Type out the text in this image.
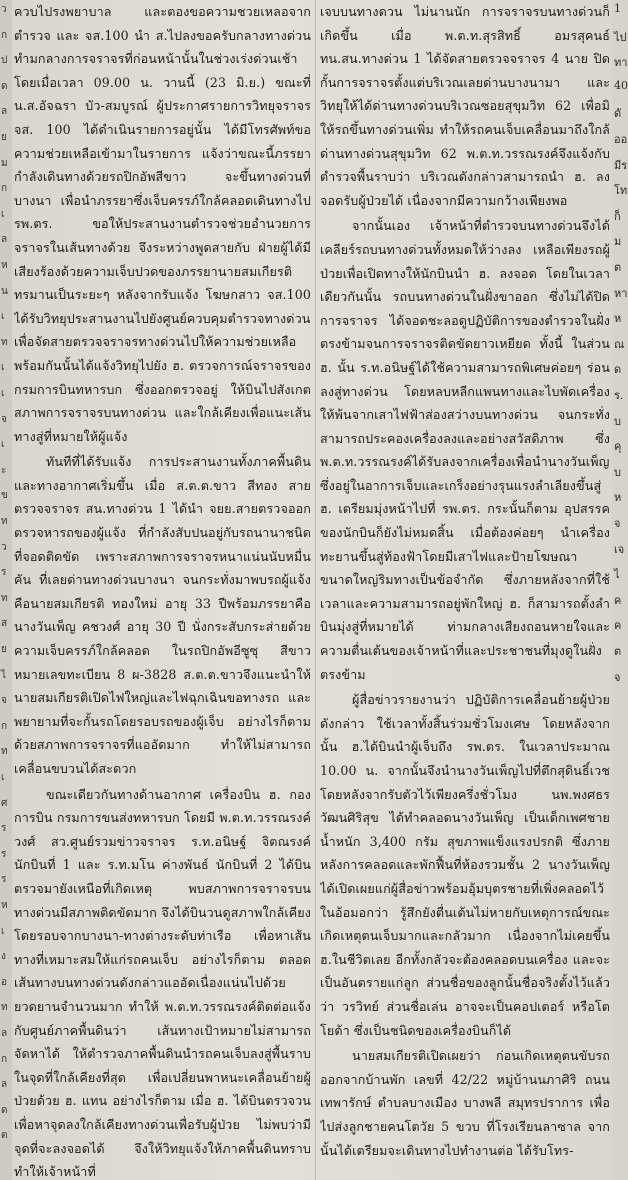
ว
ก
ป
ด
ล
ย
ม
ก
เ
ล
ห
น
เ
ท
เ
เ
จ
เ
ะ
ข
ท
ว
ร
ท
ส
ย
ไ
จ
ก
ท
เ
ศ
ร
ร
ร
ห
เ
ง
อ
ท
ล
ก
ล
ด
ต

ควบไปรงพยาบาล และตองขอความชวยเหลอจาก ตำรวจ และ จส.100 นำ ส.ไปลงขอครับกลางทางด่วน ทำมกลางการจราจรที่ก่อนหน้านั้นในช่วงเร่งด่วนเช้า โดยเมื่อเวลา 09.00 น. วานนี้ (23 มิ.ย.) ขณะที่ น.ส.อัจฉรา บัว-สมบูรณ์ ผู้ประกาศรายการวิทยุจราจร จส. 100 ได้ดำเนินรายการอยู่นั้น ได้มีโทรศัพท์ขอความช่วยเหลือเข้ามาในรายการ แจ้งว่าขณะนี้ภรรยากำลังเดินทางด้วยรถปิกอัพสีขาว จะขึ้นทางด่วนที่บางนา เพื่อนำภรรยาซึ่งเจ็บครรภ์ใกล้คลอดเดินทางไป รพ.ตร. ขอให้ประสานงานตำรวจช่วยอำนวยการจราจรในเส้นทางด้วย จึงระหว่างพูดสายกับ ฝ่ายผู้ได้มีเสียงร้องด้วยความเจ็บปวดของภรรยานายสมเกียรติทรมานเป็นระยะๆ หลังจากรับแจ้ง โฆษกสาว จส.100 ได้รับวิทยุประสานงานไปยังศูนย์ควบคุมตำรวจทางด่วน เพื่อจัดสายตรวจจราจรทางด่วนไปให้ความช่วยเหลือพร้อมกันนั้นได้แจ้งวิทยุไปยัง ฮ. ตรวจการณ์จราจรของกรมการบินทหารบก ซึ่งออกตรวจอยู่ ให้บินไปสังเกตสภาพการจราจรบนทางด่วน และใกล้เคียงเพื่อแนะเส้นทางสู่ที่หมายให้ผู้แจ้ง

ทันทีที่ได้รับแจ้ง การประสานงานทั้งภาคพื้นดินและทางอากาศเริ่มขึ้น เมื่อ ส.ต.ต.ขาว สีทอง สายตรวจจราจร สน.ทางด่วน 1 ได้นำ จยย.สายตรวจออกตรวจหารถของผู้แจ้ง ที่กำลังสับปนอยู่กับรถนานาชนิดที่จอดติดขัด เพราะสภาพการจราจรหนาแน่นนับหมื่นคัน ที่เลยด่านทางด่วนบางนา จนกระทั่งมาพบรถผู้แจ้ง คือนายสมเกียรติ ทองใหม่ อายุ 33 ปีพร้อมภรรยาคือนางวันเพ็ญ คชวงศ์ อายุ 30 ปี นั่งกระสับกระส่ายด้วยความเจ็บครรภ์ใกล้คลอด ในรถปิกอัพอีซูซุ สีขาว หมายเลขทะเบียน 8 ผ-3828 ส.ต.ต.ขาวจึงแนะนำให้นายสมเกียรติเปิดไฟใหญ่และไฟฉุกเฉินขอทางรถ และพยายามที่จะกั้นรถโดยรอบรถของผู้เจ็บ อย่างไรก็ตามด้วยสภาพการจราจรที่แออัดมาก ทำให้ไม่สามารถเคลื่อนขบวนได้สะดวก

ขณะเดียวกันทางด้านอากาศ เครื่องบิน ฮ. กองการบิน กรมการขนส่งทหารบก โดยมี พ.ต.ท.วรรณรงค์ วงศ์ สว.ศูนย์รวมข่าวจราจร ร.ท.อนิษฐ์ จิตณรงค์ นักบินที่ 1 และ ร.ท.มโน ค่างพันธ์ นักบินที่ 2 ได้บินตรวจมายังเหนือที่เกิดเหตุ พบสภาพการจราจรบนทางด่วนมีสภาพติดขัดมาก จึงได้บินวนดูสภาพใกล้เคียงโดยรอบจากบางนา-ทางต่างระดับท่าเรือ เพื่อหาเส้นทางที่เหมาะสมให้แก่รถคนเจ็บ อย่างไรก็ตาม ตลอดเส้นทางบนทางด่วนดังกล่าวแออัดเนื่องแน่นไปด้วยยวดยานจำนวนมาก ทำให้ พ.ต.ท.วรรณรงค์ติดต่อแจ้งกับศูนย์ภาคพื้นดินว่า เส้นทางเป้าหมายไม่สามารถจัดหาได้ ให้ตำรวจภาคพื้นดินนำรถคนเจ็บลงสู่พื้นราบในจุดที่ใกล้เคียงที่สุด เพื่อเปลี่ยนพาหนะเคลื่อนย้ายผู้ป่วยด้วย ฮ. แทน อย่างไรก็ตาม เมื่อ ฮ. ได้บินตรวจวนเพื่อหาจุดลงใกล้เคียงทางด่วนเพื่อรับผู้ป่วย ไม่พบว่ามีจุดที่จะลงจอดได้ จึงให้วิทยุแจ้งให้ภาคพื้นดินทราบ ทำให้เจ้าหน้าที่

เจบบนทางดวน ไม่นานนัก การจราจรบนทางด่วนก็เกิดขึ้น เมื่อ พ.ต.ท.สุรสิทธิ์ อมรสุคนธ์ ทน.สน.ทางด่วน 1 ได้จัดสายตรวจจราจร 4 นาย ปิดกั้นการจราจรตั้งแต่บริเวณเลยด่านบางนามา และวิทยุให้ได้ด่านทางด่วนบริเวณซอยสุขุมวิท 62 เพื่อมิให้รถขึ้นทางด่วนเพิ่ม ทำให้รถคนเจ็บเคลื่อนมาถึงใกล้ด่านทางด่วนสุขุมวิท 62 พ.ต.ท.วรรณรงค์จึงแจ้งกับตำรวจพื้นราบว่า บริเวณดังกล่าวสามารถนำ ฮ. ลงจอดรับผู้ป่วยได้ เนื่องจากมีความกว้างเพียงพอ

จากนั้นเอง เจ้าหน้าที่ตำรวจบนทางด่วนจึงได้เคลียร์รถบนทางด่วนทั้งหมดให้ว่างลง เหลือเพียงรถผู้ป่วยเพื่อเปิดทางให้นักบินนำ ฮ. ลงจอด โดยในเวลาเดียวกันนั้น รถบนทางด่วนในฝั่งขาออก ซึ่งไม่ได้ปิดการจราจร ได้จอดชะลอดูปฏิบัติการของตำรวจในฝั่งตรงข้ามจนการจราจรติดขัดยาวเหยียด ทั้งนี้ ในส่วน ฮ. นั้น ร.ท.อนิษฐ์ได้ใช้ความสามารถพิเศษค่อยๆ ร่อนลงสู่ทางด่วน โดยหลบหลีกแพนทางและไบพัดเครื่องให้พ้นจากเสาไฟฟ้าส่องสว่างบนทางด่วน จนกระทั่งสามารถประคองเครื่องลงและอย่างสวัสดิภาพ ซึ่ง พ.ต.ท.วรรณรงค์ได้รับลงจากเครื่องเพื่อนำนางวันเพ็ญ ซึ่งอยู่ในอาการเจ็บและเกร็งอย่างรุนแรงลำเลียงขึ้นสู่ ฮ. เตรียมมุ่งหน้าไปที่ รพ.ตร. กระนั้นก็ตาม อุปสรรคของนักบินก็ยังไม่หมดสิ้น เมื่อต้องค่อยๆ นำเครื่องทะยานขึ้นสู่ท้องฟ้าโดยมีเสาไฟและป้ายโฆษณาขนาดใหญ่ริมทางเป็นข้อจำกัด ซึ่งภายหลังจากที่ใช้เวลาและความสามารถอยู่พักใหญ่ ฮ. ก็สามารถตั้งลำบินมุ่งสู่ที่หมายได้ ท่ามกลางเสียงถอนหายใจและความตื่นเต้นของเจ้าหน้าที่และประชาชนที่มุงดูในฝั่งตรงข้าม

ผู้สื่อข่าวรายงานว่า ปฏิบัติการเคลื่อนย้ายผู้ป่วยดังกล่าว ใช้เวลาทั้งสิ้นร่วมชั่วโมงเศษ โดยหลังจากนั้น ฮ.ได้บินนำผู้เจ็บถึง รพ.ตร. ในเวลาประมาณ 10.00 น. จากนั้นจึงนำนางวันเพ็ญไปที่ตึกสุดินธิ์เวชโดยหลังจากรับตัวไว้เพียงครึ่งชั่วโมง นพ.พงศธร วัฒนศิริสุข ได้ทำคลอดนางวันเพ็ญ เป็นเด็กเพศชายน้ำหนัก 3,400 กรัม สุขภาพแข็งแรงปรกติ ซึ่งภายหลังการคลอดและพักฟื้นที่ห้องรวมชั้น 2 นางวันเพ็ญได้เปิดเผยแก่ผู้สื่อข่าวพร้อมอุ้มบุตรชายที่เพิ่งคลอดไว้ในอ้อมอกว่า รู้สึกยังตื่นเต้นไม่หายกับเหตุการณ์ขณะเกิดเหตุตนเจ็บมากและกลัวมาก เนื่องจากไม่เคยขึ้น ฮ.ในชีวิตเลย อีกทั้งกลัวจะต้องคลอดบนเครื่อง และจะเป็นอันตรายแก่ลูก ส่วนชื่อของลูกนั้นชื่อจริงตั้งไว้แล้วว่า วรวิทย์ ส่วนชื่อเล่น อาจจะเป็นคอปเตอร์ หรือโตโยต้า ซึ่งเป็นชนิดของเครื่องบินก็ได้

นายสมเกียรติเปิดเผยว่า ก่อนเกิดเหตุตนขับรถออกจากบ้านพัก เลขที่ 42/22 หมู่บ้านนภาศิริ ถนนเทพารักษ์ ตำบลบางเมือง บางพลี สมุทรปราการ เพื่อไปส่งลูกชายคนโตวัย 5 ขวบ ที่โรงเรียนลาซาล จากนั้นได้เตรียมจะเดินทางไปทำงานต่อ ได้รับโทร-

1
ไป
ทา
40
ดั
ออ
มีร
โท
ก็
ม
ต
หา
ห
ณ
ด
ร.
บ
คุ
บ
ห
จ
เจ
ไ
ค
ค
ต
จ
